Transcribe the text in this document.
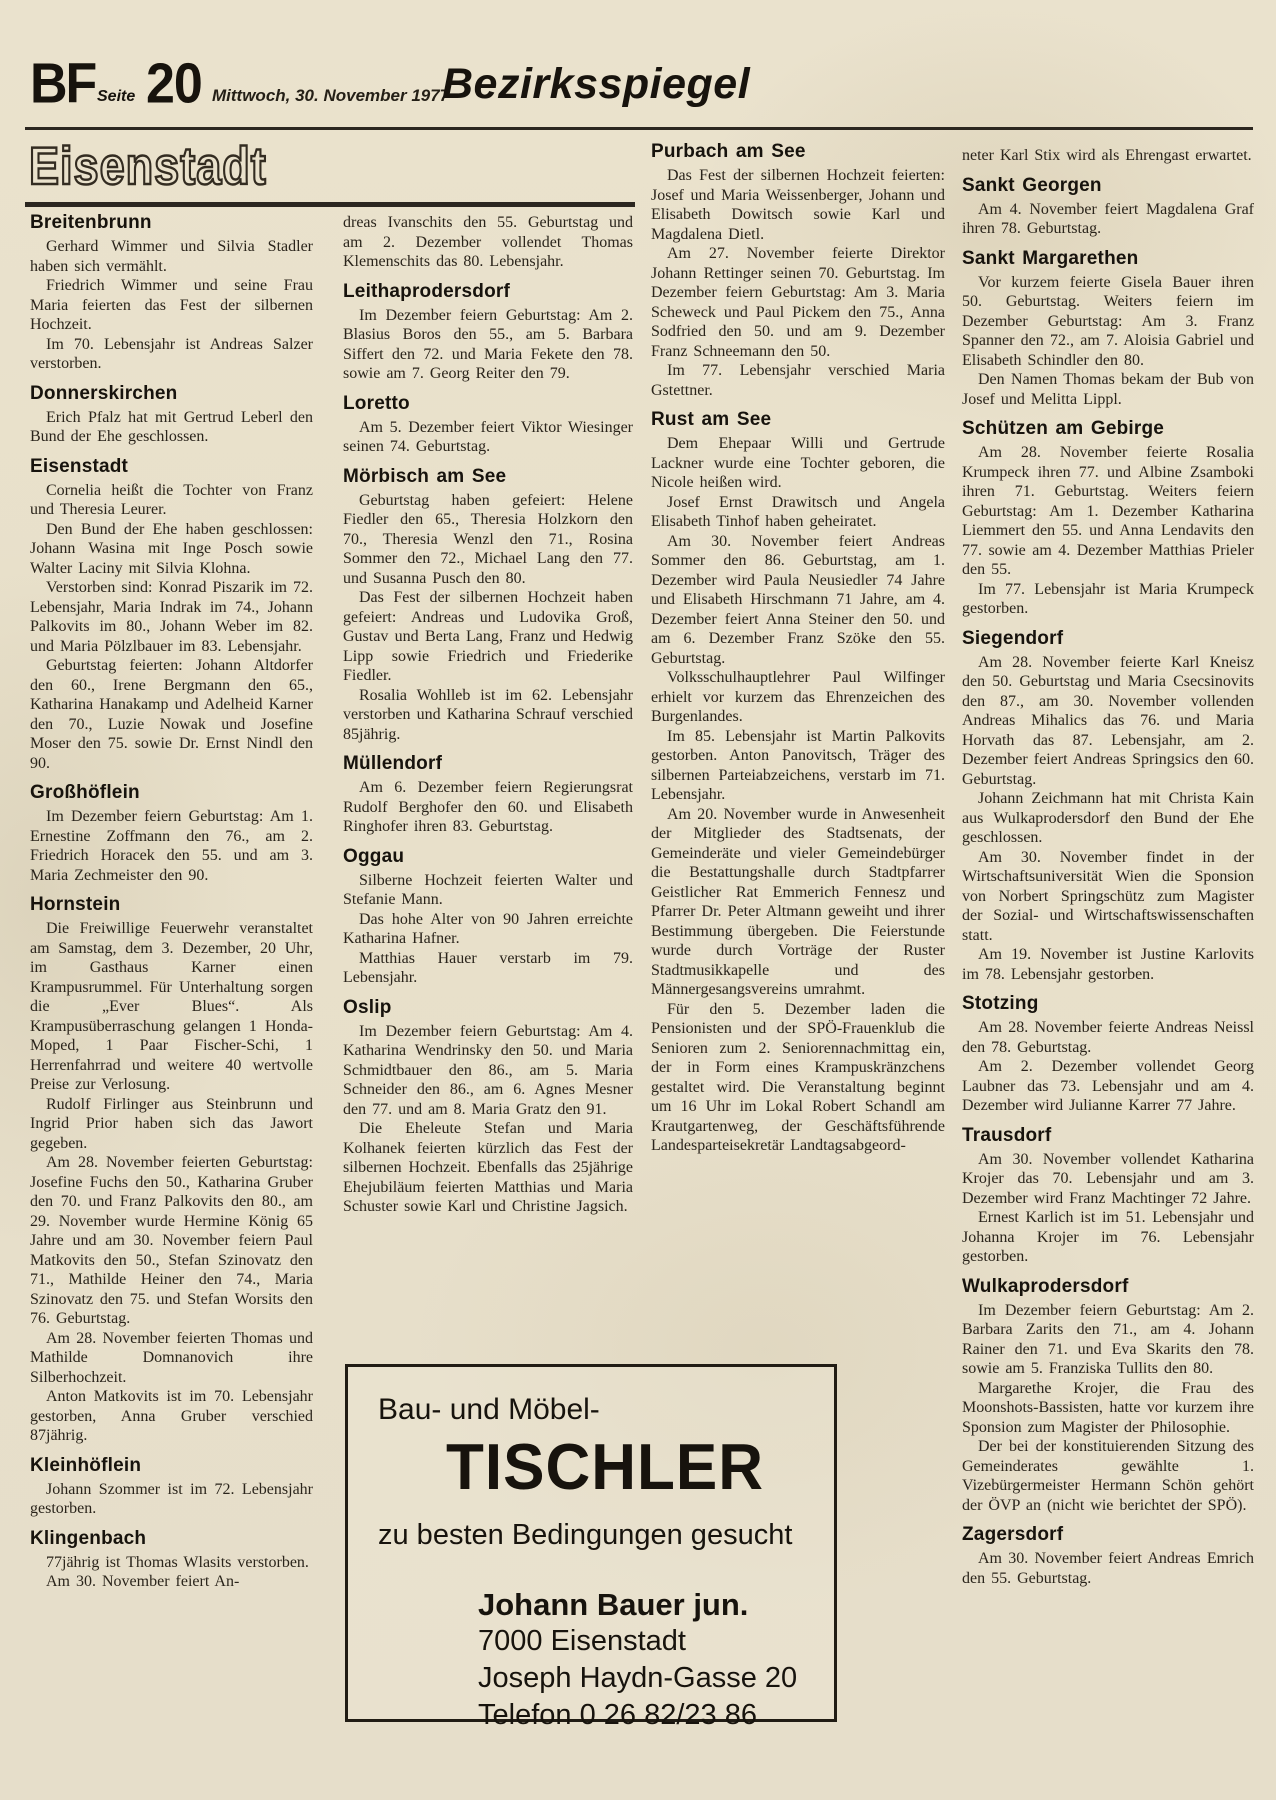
BF Seite 20 Mittwoch, 30. November 1977
Bezirksspiegel
Eisenstadt
Breitenbrunn

Gerhard Wimmer und Silvia Stadler haben sich vermählt.

Friedrich Wimmer und seine Frau Maria feierten das Fest der silbernen Hochzeit.

Im 70. Lebensjahr ist Andreas Salzer verstorben.

Donnerskirchen

Erich Pfalz hat mit Gertrud Leberl den Bund der Ehe geschlossen.

Eisenstadt

Cornelia heißt die Tochter von Franz und Theresia Leurer.

Den Bund der Ehe haben geschlossen: Johann Wasina mit Inge Posch sowie Walter Laciny mit Silvia Klohna.

Verstorben sind: Konrad Piszarik im 72. Lebensjahr, Maria Indrak im 74., Johann Palkovits im 80., Johann Weber im 82. und Maria Pölzlbauer im 83. Lebensjahr.

Geburtstag feierten: Johann Altdorfer den 60., Irene Bergmann den 65., Katharina Hanakamp und Adelheid Karner den 70., Luzie Nowak und Josefine Moser den 75. sowie Dr. Ernst Nindl den 90.

Großhöflein

Im Dezember feiern Geburtstag: Am 1. Ernestine Zoffmann den 76., am 2. Friedrich Horacek den 55. und am 3. Maria Zechmeister den 90.

Hornstein

Die Freiwillige Feuerwehr veranstaltet am Samstag, dem 3. Dezember, 20 Uhr, im Gasthaus Karner einen Krampusrummel. Für Unterhaltung sorgen die „Ever Blues“. Als Krampusüberraschung gelangen 1 Honda-Moped, 1 Paar Fischer-Schi, 1 Herrenfahrrad und weitere 40 wertvolle Preise zur Verlosung.

Rudolf Firlinger aus Steinbrunn und Ingrid Prior haben sich das Jawort gegeben.

Am 28. November feierten Geburtstag: Josefine Fuchs den 50., Katharina Gruber den 70. und Franz Palkovits den 80., am 29. November wurde Hermine König 65 Jahre und am 30. November feiern Paul Matkovits den 50., Stefan Szinovatz den 71., Mathilde Heiner den 74., Maria Szinovatz den 75. und Stefan Worsits den 76. Geburtstag.

Am 28. November feierten Thomas und Mathilde Domnanovich ihre Silberhochzeit.

Anton Matkovits ist im 70. Lebensjahr gestorben, Anna Gruber verschied 87jährig.

Kleinhöflein

Johann Szommer ist im 72. Lebensjahr gestorben.

Klingenbach

77jährig ist Thomas Wlasits verstorben.

Am 30. November feiert An-

dreas Ivanschits den 55. Geburtstag und am 2. Dezember vollendet Thomas Klemenschits das 80. Lebensjahr.

Leithaprodersdorf

Im Dezember feiern Geburtstag: Am 2. Blasius Boros den 55., am 5. Barbara Siffert den 72. und Maria Fekete den 78. sowie am 7. Georg Reiter den 79.

Loretto

Am 5. Dezember feiert Viktor Wiesinger seinen 74. Geburtstag.

Mörbisch am See

Geburtstag haben gefeiert: Helene Fiedler den 65., Theresia Holzkorn den 70., Theresia Wenzl den 71., Rosina Sommer den 72., Michael Lang den 77. und Susanna Pusch den 80.

Das Fest der silbernen Hochzeit haben gefeiert: Andreas und Ludovika Groß, Gustav und Berta Lang, Franz und Hedwig Lipp sowie Friedrich und Friederike Fiedler.

Rosalia Wohlleb ist im 62. Lebensjahr verstorben und Katharina Schrauf verschied 85jährig.

Müllendorf

Am 6. Dezember feiern Regierungsrat Rudolf Berghofer den 60. und Elisabeth Ringhofer ihren 83. Geburtstag.

Oggau

Silberne Hochzeit feierten Walter und Stefanie Mann.

Das hohe Alter von 90 Jahren erreichte Katharina Hafner.

Matthias Hauer verstarb im 79. Lebensjahr.

Oslip

Im Dezember feiern Geburtstag: Am 4. Katharina Wendrinsky den 50. und Maria Schmidtbauer den 86., am 5. Maria Schneider den 86., am 6. Agnes Mesner den 77. und am 8. Maria Gratz den 91.

Die Eheleute Stefan und Maria Kolhanek feierten kürzlich das Fest der silbernen Hochzeit. Ebenfalls das 25jährige Ehejubiläum feierten Matthias und Maria Schuster sowie Karl und Christine Jagsich.

Purbach am See

Das Fest der silbernen Hochzeit feierten: Josef und Maria Weissenberger, Johann und Elisabeth Dowitsch sowie Karl und Magdalena Dietl.

Am 27. November feierte Direktor Johann Rettinger seinen 70. Geburtstag. Im Dezember feiern Geburtstag: Am 3. Maria Scheweck und Paul Pickem den 75., Anna Sodfried den 50. und am 9. Dezember Franz Schneemann den 50.

Im 77. Lebensjahr verschied Maria Gstettner.

Rust am See

Dem Ehepaar Willi und Gertrude Lackner wurde eine Tochter geboren, die Nicole heißen wird.

Josef Ernst Drawitsch und Angela Elisabeth Tinhof haben geheiratet.

Am 30. November feiert Andreas Sommer den 86. Geburtstag, am 1. Dezember wird Paula Neusiedler 74 Jahre und Elisabeth Hirschmann 71 Jahre, am 4. Dezember feiert Anna Steiner den 50. und am 6. Dezember Franz Szöke den 55. Geburtstag.

Volksschulhauptlehrer Paul Wilfinger erhielt vor kurzem das Ehrenzeichen des Burgenlandes.

Im 85. Lebensjahr ist Martin Palkovits gestorben. Anton Panovitsch, Träger des silbernen Parteiabzeichens, verstarb im 71. Lebensjahr.

Am 20. November wurde in Anwesenheit der Mitglieder des Stadtsenats, der Gemeinderäte und vieler Gemeindebürger die Bestattungshalle durch Stadtpfarrer Geistlicher Rat Emmerich Fennesz und Pfarrer Dr. Peter Altmann geweiht und ihrer Bestimmung übergeben. Die Feierstunde wurde durch Vorträge der Ruster Stadtmusikkapelle und des Männergesangsvereins umrahmt.

Für den 5. Dezember laden die Pensionisten und der SPÖ-Frauenklub die Senioren zum 2. Seniorennachmittag ein, der in Form eines Krampuskränzchens gestaltet wird. Die Veranstaltung beginnt um 16 Uhr im Lokal Robert Schandl am Krautgartenweg, der Geschäftsführende Landesparteisekretär Landtagsabgeord-

neter Karl Stix wird als Ehrengast erwartet.

Sankt Georgen

Am 4. November feiert Magdalena Graf ihren 78. Geburtstag.

Sankt Margarethen

Vor kurzem feierte Gisela Bauer ihren 50. Geburtstag. Weiters feiern im Dezember Geburtstag: Am 3. Franz Spanner den 72., am 7. Aloisia Gabriel und Elisabeth Schindler den 80.

Den Namen Thomas bekam der Bub von Josef und Melitta Lippl.

Schützen am Gebirge

Am 28. November feierte Rosalia Krumpeck ihren 77. und Albine Zsamboki ihren 71. Geburtstag. Weiters feiern Geburtstag: Am 1. Dezember Katharina Liemmert den 55. und Anna Lendavits den 77. sowie am 4. Dezember Matthias Prieler den 55.

Im 77. Lebensjahr ist Maria Krumpeck gestorben.

Siegendorf

Am 28. November feierte Karl Kneisz den 50. Geburtstag und Maria Csecsinovits den 87., am 30. November vollenden Andreas Mihalics das 76. und Maria Horvath das 87. Lebensjahr, am 2. Dezember feiert Andreas Springsics den 60. Geburtstag.

Johann Zeichmann hat mit Christa Kain aus Wulkaprodersdorf den Bund der Ehe geschlossen.

Am 30. November findet in der Wirtschaftsuniversität Wien die Sponsion von Norbert Springschütz zum Magister der Sozial- und Wirtschaftswissenschaften statt.

Am 19. November ist Justine Karlovits im 78. Lebensjahr gestorben.

Stotzing

Am 28. November feierte Andreas Neissl den 78. Geburtstag.

Am 2. Dezember vollendet Georg Laubner das 73. Lebensjahr und am 4. Dezember wird Julianne Karrer 77 Jahre.

Trausdorf

Am 30. November vollendet Katharina Krojer das 70. Lebensjahr und am 3. Dezember wird Franz Machtinger 72 Jahre.

Ernest Karlich ist im 51. Lebensjahr und Johanna Krojer im 76. Lebensjahr gestorben.

Wulkaprodersdorf

Im Dezember feiern Geburtstag: Am 2. Barbara Zarits den 71., am 4. Johann Rainer den 71. und Eva Skarits den 78. sowie am 5. Franziska Tullits den 80.

Margarethe Krojer, die Frau des Moonshots-Bassisten, hatte vor kurzem ihre Sponsion zum Magister der Philosophie.

Der bei der konstituierenden Sitzung des Gemeinderates gewählte 1. Vizebürgermeister Hermann Schön gehört der ÖVP an (nicht wie berichtet der SPÖ).

Zagersdorf

Am 30. November feiert Andreas Emrich den 55. Geburtstag.

Bau- und Möbel-
TISCHLER
zu besten Bedingungen gesucht
Johann Bauer jun.
7000 Eisenstadt
Joseph Haydn-Gasse 20
Telefon 0 26 82/23 86
